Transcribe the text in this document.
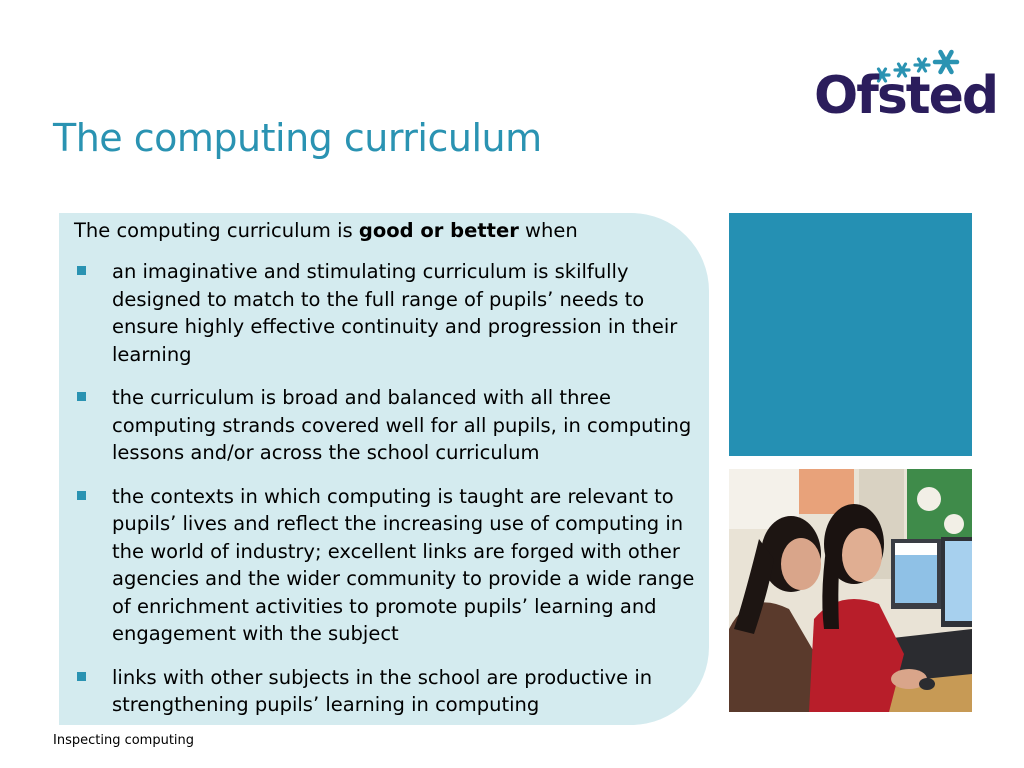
Ofsted
The computing curriculum

The computing curriculum is good or better when

an imaginative and stimulating curriculum is skilfully designed to match to the full range of pupils’ needs to ensure highly effective continuity and progression in their learning
the curriculum is broad and balanced with all three computing strands covered well for all pupils, in computing lessons and/or across the school curriculum
the contexts in which computing is taught are relevant to pupils’ lives and reflect the increasing use of computing in the world of industry; excellent links are forged with other agencies and the wider community to provide a wide range of enrichment activities to promote pupils’ learning and engagement with the subject
links with other subjects in the school are productive in strengthening pupils’ learning in computing
Inspecting computing
